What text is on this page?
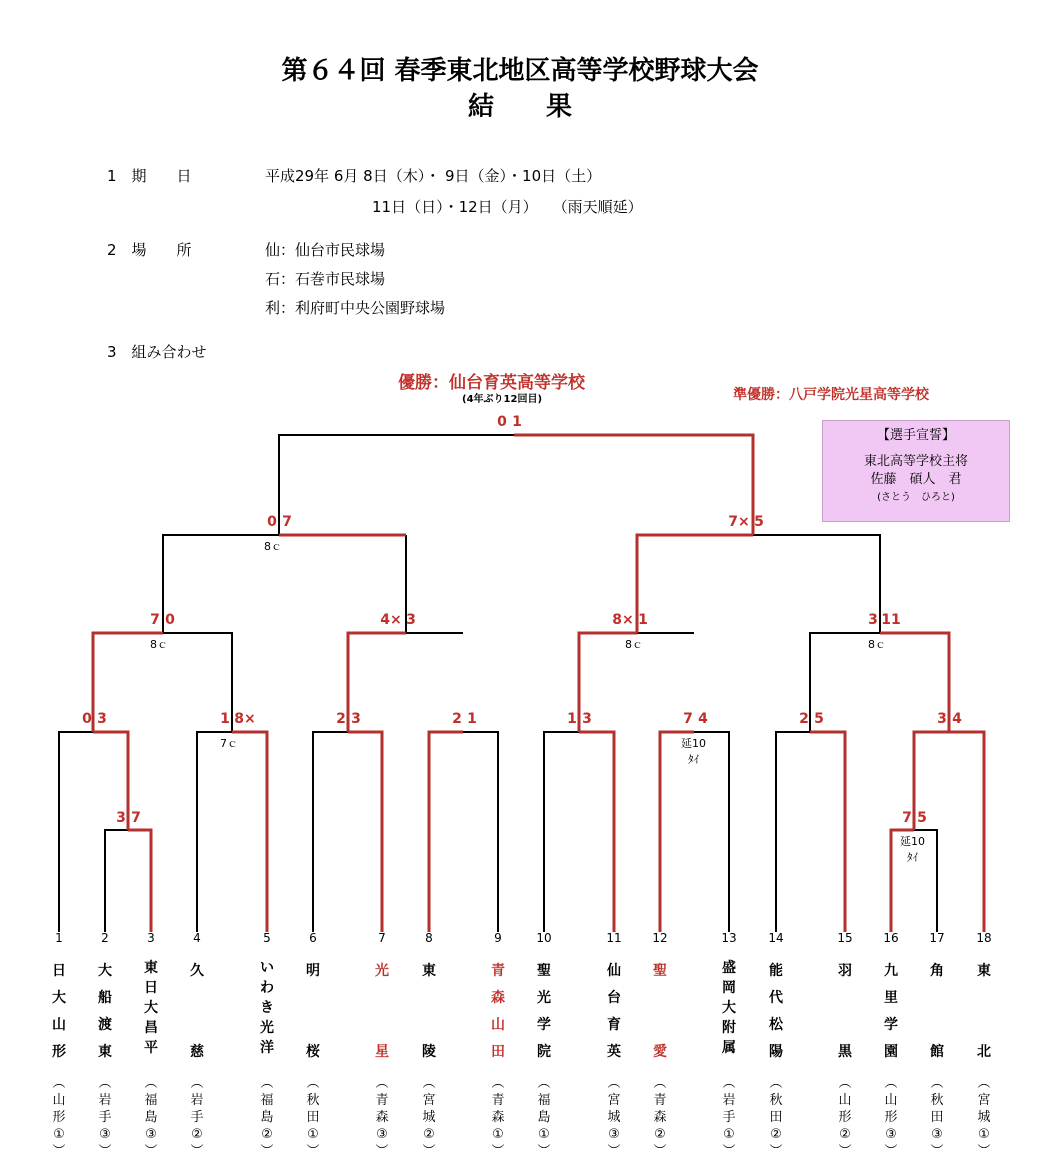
第６４回 春季東北地区高等学校野球大会
結　　果
1　期　　日	平成29年 6月 8日（木）・ 9日（金）・10日（土）
11日（日）・12日（月）　　（雨天順延）
2　場　　所	仙：仙台市民球場
石：石巻市民球場
利：利府町中央公園野球場
3　組み合わせ
優勝：仙台育英高等学校
(4年ぶり12回目)	準優勝：八戸学院光星高等学校
【選手宣誓】
東北高等学校主将
佐藤　碩人　君
(さとう　ひろと)
0 1
0 7	7× 5
7 0	4× 3	8× 1	3 11
0 3	1 8×	2 3	2 1	1 3	7 4	2 5	3 4
3 7	7 5
8ｃ
8ｃ	8ｃ	8ｃ
7ｃ	延10
ﾀｲ
延10
ﾀｲ
1
日
大
山
形
︵
山
形
①
︶
2
大
船
渡
東
︵
岩
手
③
︶
3
東
日
大
昌
平
︵
福
島
③
︶
4
久
慈
︵
岩
手
②
︶
5
い
わ
き
光
洋
︵
福
島
②
︶
6
明
桜
︵
秋
田
①
︶
7
光
星
︵
青
森
③
︶
8
東
陵
︵
宮
城
②
︶
9
青
森
山
田
︵
青
森
①
︶
10
聖
光
学
院
︵
福
島
①
︶
11
仙
台
育
英
︵
宮
城
③
︶
12
聖
愛
︵
青
森
②
︶
13
盛
岡
大
附
属
︵
岩
手
①
︶
14
能
代
松
陽
︵
秋
田
②
︶
15
羽
黒
︵
山
形
②
︶
16
九
里
学
園
︵
山
形
③
︶
17
角
館
︵
秋
田
③
︶
18
東
北
︵
宮
城
①
︶
